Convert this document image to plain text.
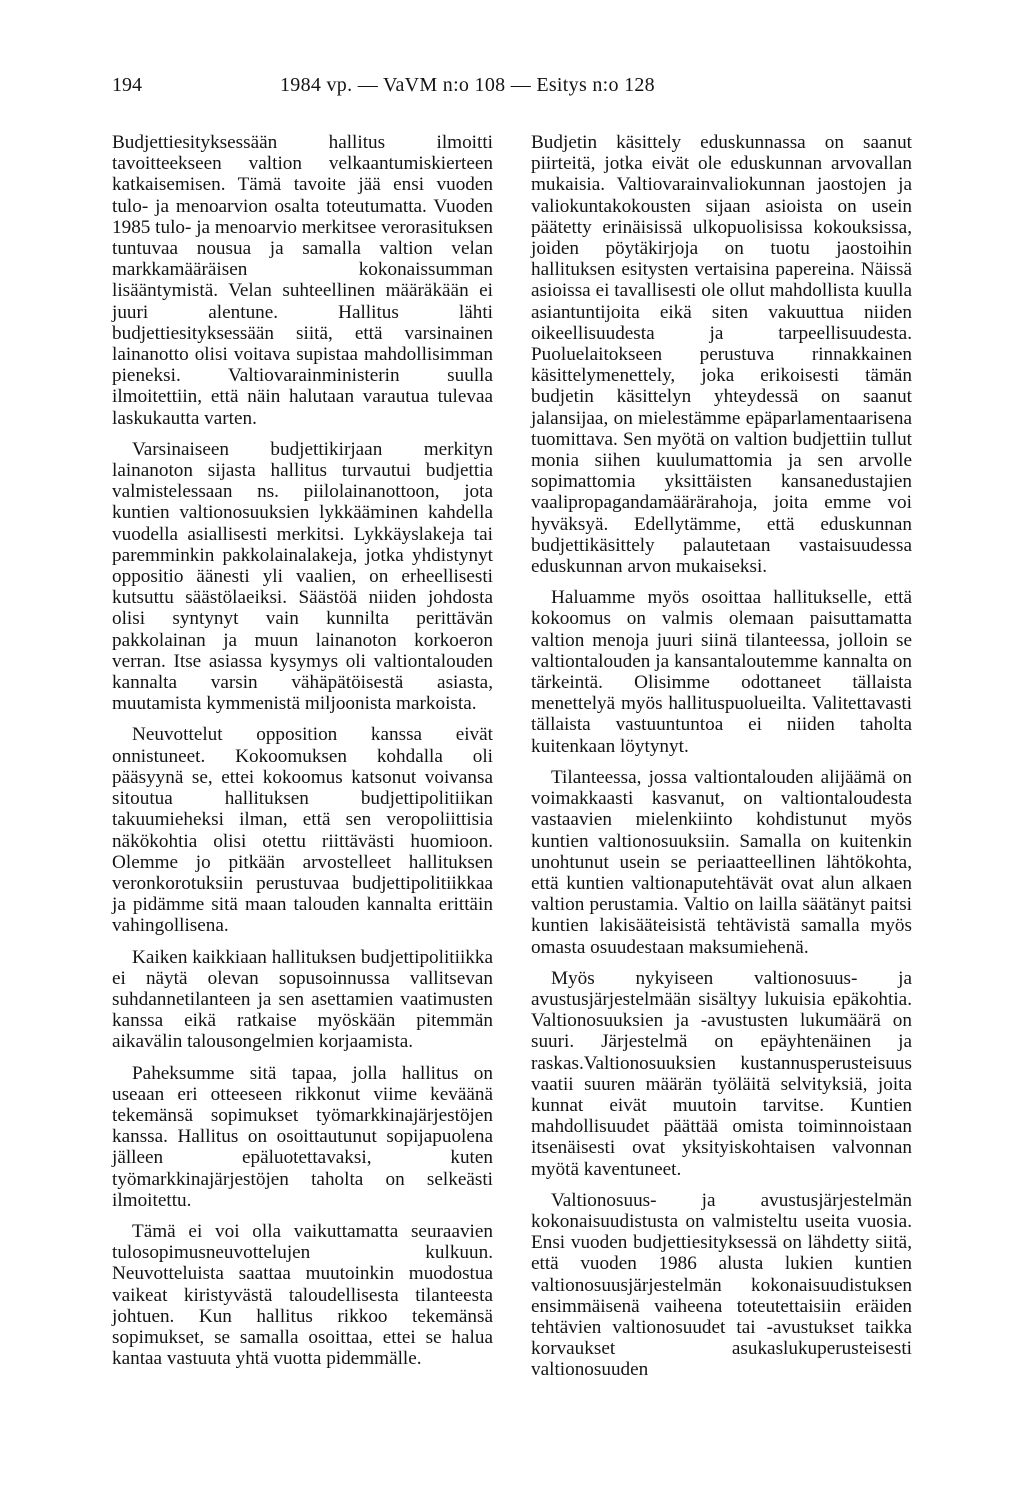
194	1984 vp. — VaVM n:o 108 — Esitys n:o 128

Budjettiesityksessään hallitus ilmoitti tavoitteekseen valtion velkaantumiskierteen katkaisemisen. Tämä tavoite jää ensi vuoden tulo- ja menoarvion osalta toteutumatta. Vuoden 1985 tulo- ja menoarvio merkitsee verorasituksen tuntuvaa nousua ja samalla valtion velan markkamääräisen kokonaissumman lisääntymistä. Velan suhteellinen määräkään ei juuri alentune. Hallitus lähti budjettiesityksessään siitä, että varsinainen lainanotto olisi voitava supistaa mahdollisimman pieneksi. Valtiovarainministerin suulla ilmoitettiin, että näin halutaan varautua tulevaa laskukautta varten.

Varsinaiseen budjettikirjaan merkityn lainanoton sijasta hallitus turvautui budjettia valmistelessaan ns. piilolainanottoon, jota kuntien valtionosuuksien lykkääminen kahdella vuodella asiallisesti merkitsi. Lykkäyslakeja tai paremminkin pakkolainalakeja, jotka yhdistynyt oppositio äänesti yli vaalien, on erheellisesti kutsuttu säästölaeiksi. Säästöä niiden johdosta olisi syntynyt vain kunnilta perittävän pakkolainan ja muun lainanoton korkoeron verran. Itse asiassa kysymys oli valtiontalouden kannalta varsin vähäpätöisestä asiasta, muutamista kymmenistä miljoonista markoista.

Neuvottelut opposition kanssa eivät onnistuneet. Kokoomuksen kohdalla oli pääsyynä se, ettei kokoomus katsonut voivansa sitoutua hallituksen budjettipolitiikan takuumieheksi ilman, että sen veropoliittisia näkökohtia olisi otettu riittävästi huomioon. Olemme jo pitkään arvostelleet hallituksen veronkorotuksiin perustuvaa budjettipolitiikkaa ja pidämme sitä maan talouden kannalta erittäin vahingollisena.

Kaiken kaikkiaan hallituksen budjettipolitiikka ei näytä olevan sopusoinnussa vallitsevan suhdannetilanteen ja sen asettamien vaatimusten kanssa eikä ratkaise myöskään pitemmän aikavälin talousongelmien korjaamista.

Paheksumme sitä tapaa, jolla hallitus on useaan eri otteeseen rikkonut viime keväänä tekemänsä sopimukset työmarkkinajärjestöjen kanssa. Hallitus on osoittautunut sopijapuolena jälleen epäluotettavaksi, kuten työmarkkinajärjestöjen taholta on selkeästi ilmoitettu.

Tämä ei voi olla vaikuttamatta seuraavien tulosopimusneuvottelujen kulkuun. Neuvotteluista saattaa muutoinkin muodostua vaikeat kiristyvästä taloudellisesta tilanteesta johtuen. Kun hallitus rikkoo tekemänsä sopimukset, se samalla osoittaa, ettei se halua kantaa vastuuta yhtä vuotta pidemmälle.

Budjetin käsittely eduskunnassa on saanut piirteitä, jotka eivät ole eduskunnan arvovallan mukaisia. Valtiovarainvaliokunnan jaostojen ja valiokuntakokousten sijaan asioista on usein päätetty erinäisissä ulkopuolisissa kokouksissa, joiden pöytäkirjoja on tuotu jaostoihin hallituksen esitysten vertaisina papereina. Näissä asioissa ei tavallisesti ole ollut mahdollista kuulla asiantuntijoita eikä siten vakuuttua niiden oikeellisuudesta ja tarpeellisuudesta. Puoluelaitokseen perustuva rinnakkainen käsittelymenettely, joka erikoisesti tämän budjetin käsittelyn yhteydessä on saanut jalansijaa, on mielestämme epäparlamentaarisena tuomittava. Sen myötä on valtion budjettiin tullut monia siihen kuulumattomia ja sen arvolle sopimattomia yksittäisten kansanedustajien vaalipropagandamäärärahoja, joita emme voi hyväksyä. Edellytämme, että eduskunnan budjettikäsittely palautetaan vastaisuudessa eduskunnan arvon mukaiseksi.

Haluamme myös osoittaa hallitukselle, että kokoomus on valmis olemaan paisuttamatta valtion menoja juuri siinä tilanteessa, jolloin se valtiontalouden ja kansantaloutemme kannalta on tärkeintä. Olisimme odottaneet tällaista menettelyä myös hallituspuolueilta. Valitettavasti tällaista vastuuntuntoa ei niiden taholta kuitenkaan löytynyt.

Tilanteessa, jossa valtiontalouden alijäämä on voimakkaasti kasvanut, on valtiontaloudesta vastaavien mielenkiinto kohdistunut myös kuntien valtionosuuksiin. Samalla on kuitenkin unohtunut usein se periaatteellinen lähtökohta, että kuntien valtionaputehtävät ovat alun alkaen valtion perustamia. Valtio on lailla säätänyt paitsi kuntien lakisääteisistä tehtävistä samalla myös omasta osuudestaan maksumiehenä.

Myös nykyiseen valtionosuus- ja avustusjärjestelmään sisältyy lukuisia epäkohtia. Valtionosuuksien ja -avustusten lukumäärä on suuri. Järjestelmä on epäyhtenäinen ja raskas.Valtionosuuksien kustannusperusteisuus vaatii suuren määrän työläitä selvityksiä, joita kunnat eivät muutoin tarvitse. Kuntien mahdollisuudet päättää omista toiminnoistaan itsenäisesti ovat yksityiskohtaisen valvonnan myötä kaventuneet.

Valtionosuus- ja avustusjärjestelmän kokonaisuudistusta on valmisteltu useita vuosia. Ensi vuoden budjettiesityksessä on lähdetty siitä, että vuoden 1986 alusta lukien kuntien valtionosuusjärjestelmän kokonaisuudistuksen ensimmäisenä vaiheena toteutettaisiin eräiden tehtävien valtionosuudet tai -avustukset taikka korvaukset asukaslukuperusteisesti valtionosuuden
